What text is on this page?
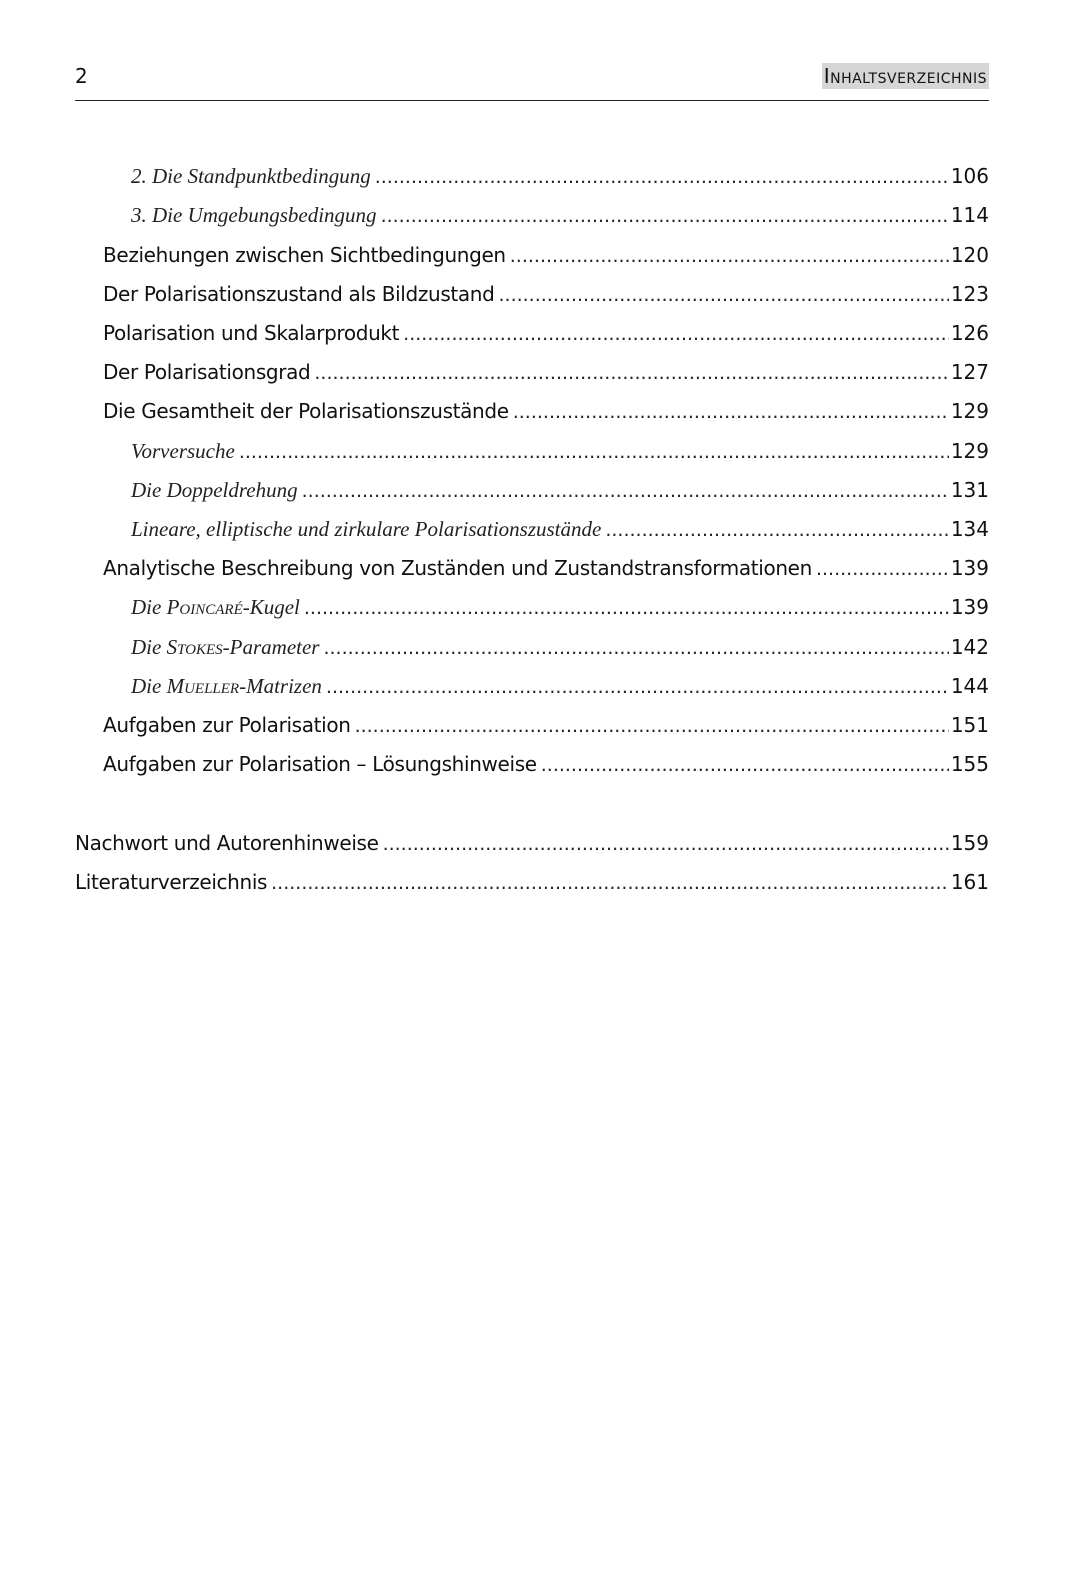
2	Inhaltsverzeichnis
2. Die Standpunktbedingung .....	106
3. Die Umgebungsbedingung .....	114
Beziehungen zwischen Sichtbedingungen .....	120
Der Polarisationszustand als Bildzustand .....	123
Polarisation und Skalarprodukt .....	126
Der Polarisationsgrad .....	127
Die Gesamtheit der Polarisationszustände .....	129
Vorversuche .....	129
Die Doppeldrehung .....	131
Lineare, elliptische und zirkulare Polarisationszustände .....	134
Analytische Beschreibung von Zuständen und Zustandstransformationen .....	139
Die Poincaré-Kugel .....	139
Die Stokes-Parameter .....	142
Die Mueller-Matrizen .....	144
Aufgaben zur Polarisation .....	151
Aufgaben zur Polarisation – Lösungshinweise .....	155
Nachwort und Autorenhinweise .....	159
Literaturverzeichnis .....	161
